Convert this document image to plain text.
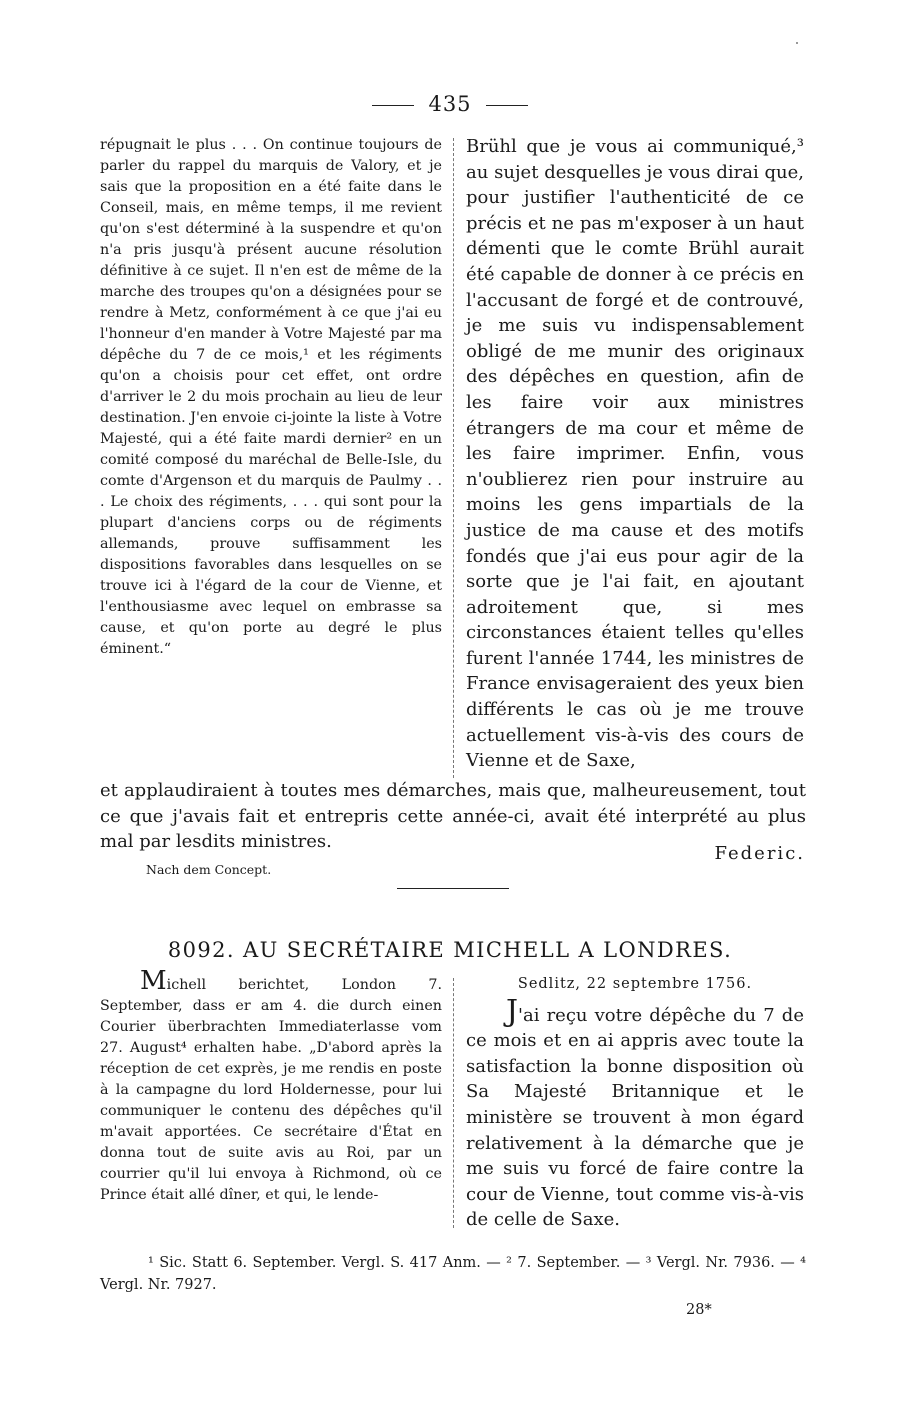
435

répugnait le plus . . . On continue toujours de parler du rappel du marquis de Valory, et je sais que la proposition en a été faite dans le Conseil, mais, en même temps, il me revient qu'on s'est déterminé à la suspendre et qu'on n'a pris jusqu'à présent aucune résolution définitive à ce sujet. Il n'en est de même de la marche des troupes qu'on a désignées pour se rendre à Metz, conformément à ce que j'ai eu l'honneur d'en mander à Votre Majesté par ma dépêche du 7 de ce mois,¹ et les régiments qu'on a choisis pour cet effet, ont ordre d'arriver le 2 du mois prochain au lieu de leur destination. J'en envoie ci-jointe la liste à Votre Majesté, qui a été faite mardi dernier² en un comité composé du maréchal de Belle-Isle, du comte d'Argenson et du marquis de Paulmy . . . Le choix des régiments, . . . qui sont pour la plupart d'anciens corps ou de régiments allemands, prouve suffisamment les dispositions favorables dans lesquelles on se trouve ici à l'égard de la cour de Vienne, et l'enthousiasme avec lequel on embrasse sa cause, et qu'on porte au degré le plus éminent.“

Brühl que je vous ai communiqué,³ au sujet desquelles je vous dirai que, pour justifier l'authenticité de ce précis et ne pas m'exposer à un haut démenti que le comte Brühl aurait été capable de donner à ce précis en l'accusant de forgé et de controuvé, je me suis vu indispensablement obligé de me munir des originaux des dépêches en question, afin de les faire voir aux ministres étrangers de ma cour et même de les faire imprimer. Enfin, vous n'oublierez rien pour instruire au moins les gens impartials de la justice de ma cause et des motifs fondés que j'ai eus pour agir de la sorte que je l'ai fait, en ajoutant adroitement que, si mes circonstances étaient telles qu'elles furent l'année 1744, les ministres de France envisageraient des yeux bien différents le cas où je me trouve actuellement vis-à-vis des cours de Vienne et de Saxe,

et applaudiraient à toutes mes démarches, mais que, malheureusement, tout ce que j'avais fait et entrepris cette année-ci, avait été interprété au plus mal par lesdits ministres.

Federic.
Nach dem Concept.
8092. AU SECRÉTAIRE MICHELL A LONDRES.

Michell berichtet, London 7. September, dass er am 4. die durch einen Courier überbrachten Immediaterlasse vom 27. August⁴ erhalten habe. „D'abord après la réception de cet exprès, je me rendis en poste à la campagne du lord Holdernesse, pour lui communiquer le contenu des dépêches qu'il m'avait apportées. Ce secrétaire d'État en donna tout de suite avis au Roi, par un courrier qu'il lui envoya à Richmond, où ce Prince était allé dîner, et qui, le lende-

Sedlitz, 22 septembre 1756.

J'ai reçu votre dépêche du 7 de ce mois et en ai appris avec toute la satisfaction la bonne disposition où Sa Majesté Britannique et le ministère se trouvent à mon égard relativement à la démarche que je me suis vu forcé de faire contre la cour de Vienne, tout comme vis-à-vis de celle de Saxe.

¹ Sic. Statt 6. September. Vergl. S. 417 Anm. — ² 7. September. — ³ Vergl. Nr. 7936. — ⁴ Vergl. Nr. 7927.
28*
